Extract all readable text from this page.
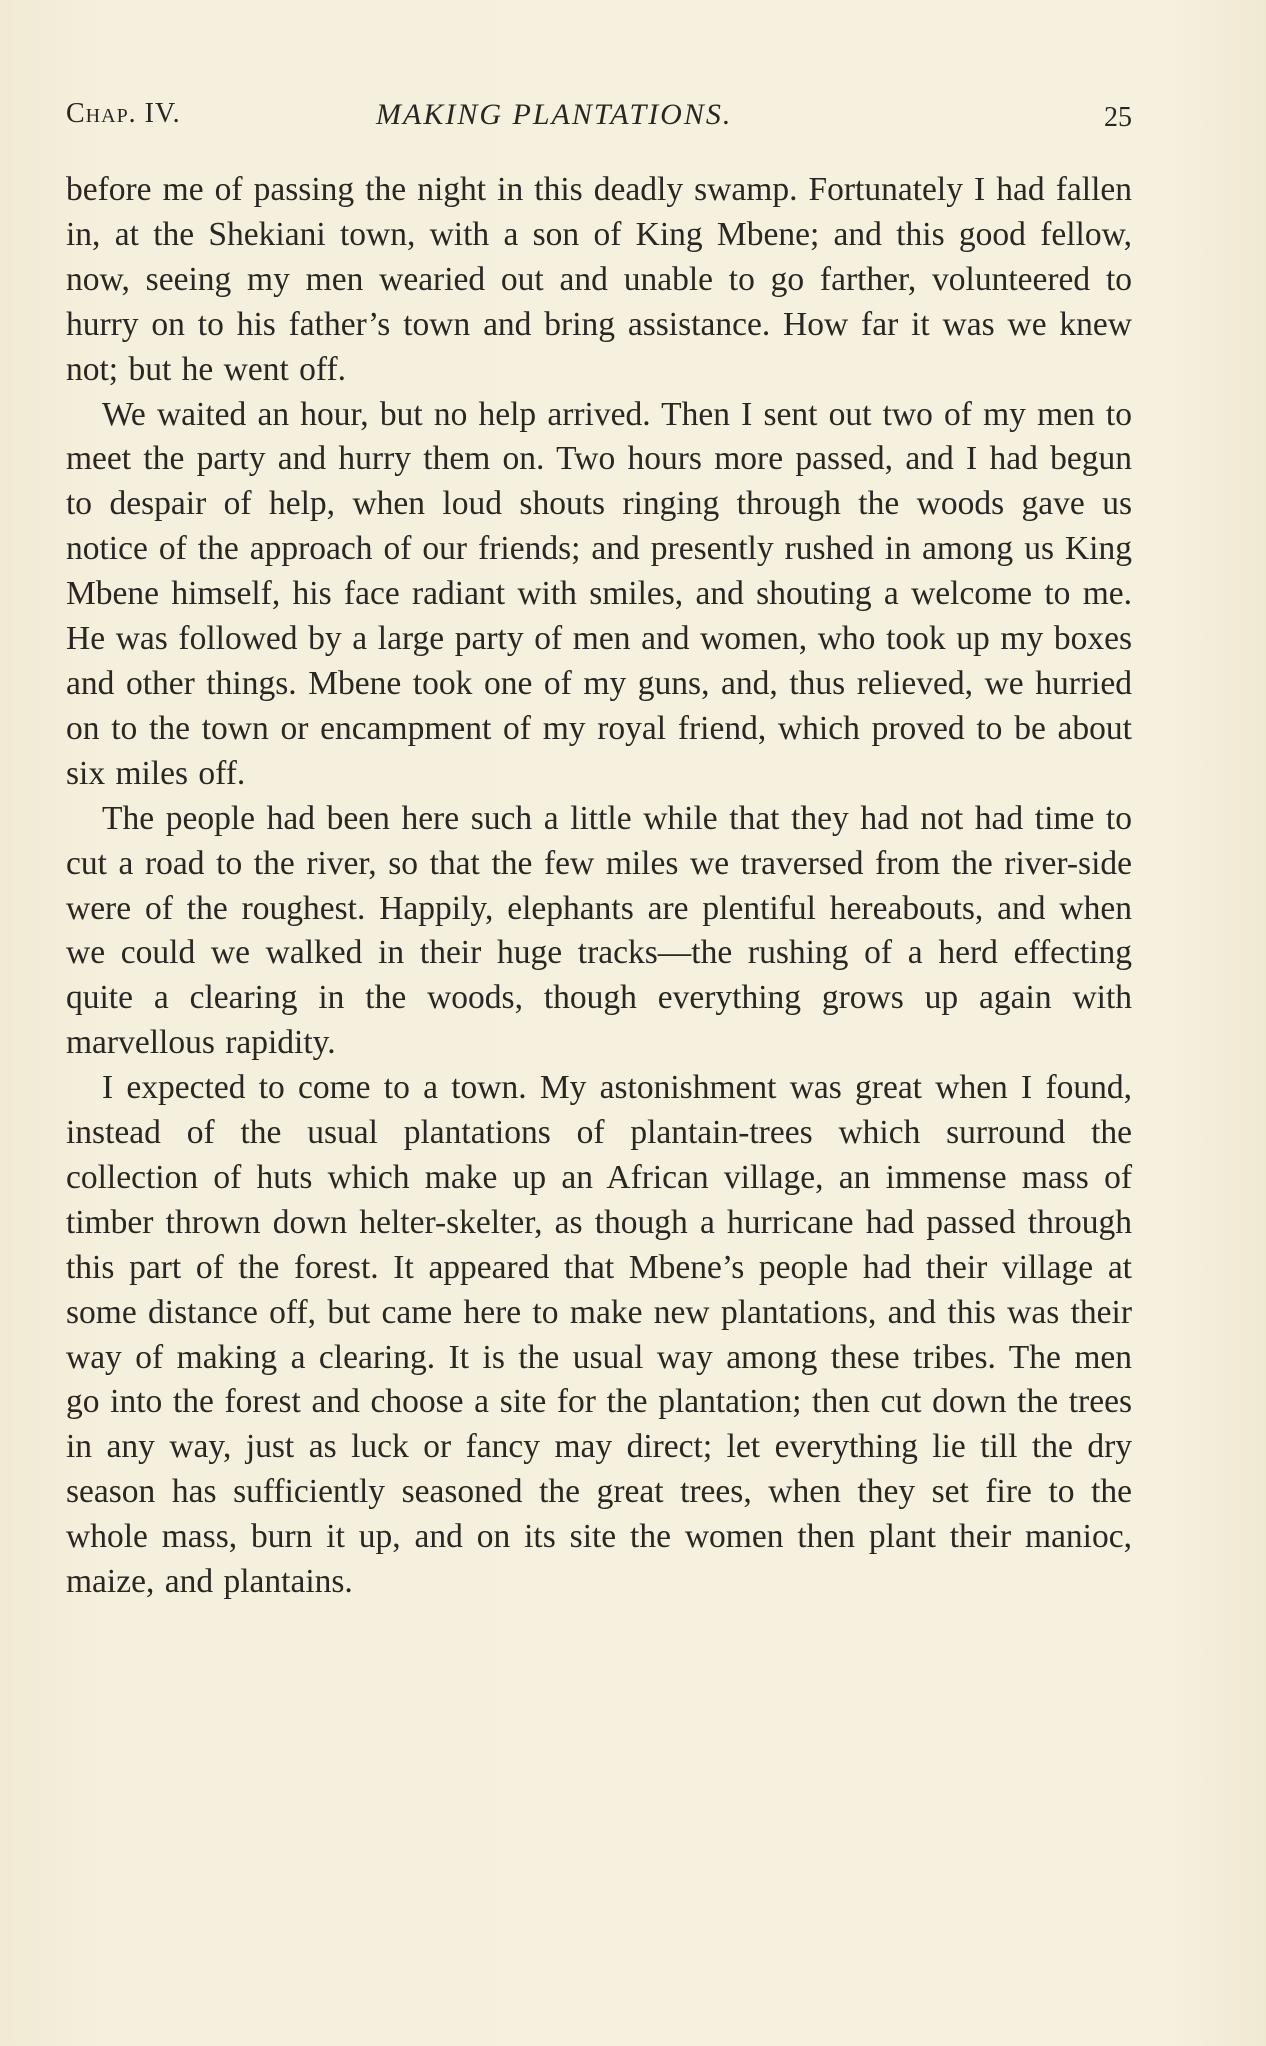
Chap. IV.	MAKING PLANTATIONS.	25

before me of passing the night in this deadly swamp. Fortunately I had fallen in, at the Shekiani town, with a son of King Mbene; and this good fellow, now, seeing my men wearied out and unable to go farther, volunteered to hurry on to his father’s town and bring assistance. How far it was we knew not; but he went off.

We waited an hour, but no help arrived. Then I sent out two of my men to meet the party and hurry them on. Two hours more passed, and I had begun to despair of help, when loud shouts ringing through the woods gave us notice of the approach of our friends; and presently rushed in among us King Mbene himself, his face radiant with smiles, and shouting a welcome to me. He was followed by a large party of men and women, who took up my boxes and other things. Mbene took one of my guns, and, thus relieved, we hurried on to the town or encampment of my royal friend, which proved to be about six miles off.

The people had been here such a little while that they had not had time to cut a road to the river, so that the few miles we traversed from the river-side were of the roughest. Happily, elephants are plentiful hereabouts, and when we could we walked in their huge tracks—the rushing of a herd effecting quite a clearing in the woods, though everything grows up again with marvellous rapidity.

I expected to come to a town. My astonishment was great when I found, instead of the usual plantations of plantain-trees which surround the collection of huts which make up an African village, an immense mass of timber thrown down helter-skelter, as though a hurricane had passed through this part of the forest. It appeared that Mbene’s people had their village at some distance off, but came here to make new plantations, and this was their way of making a clearing. It is the usual way among these tribes. The men go into the forest and choose a site for the plantation; then cut down the trees in any way, just as luck or fancy may direct; let everything lie till the dry season has sufficiently seasoned the great trees, when they set fire to the whole mass, burn it up, and on its site the women then plant their manioc, maize, and plantains.
